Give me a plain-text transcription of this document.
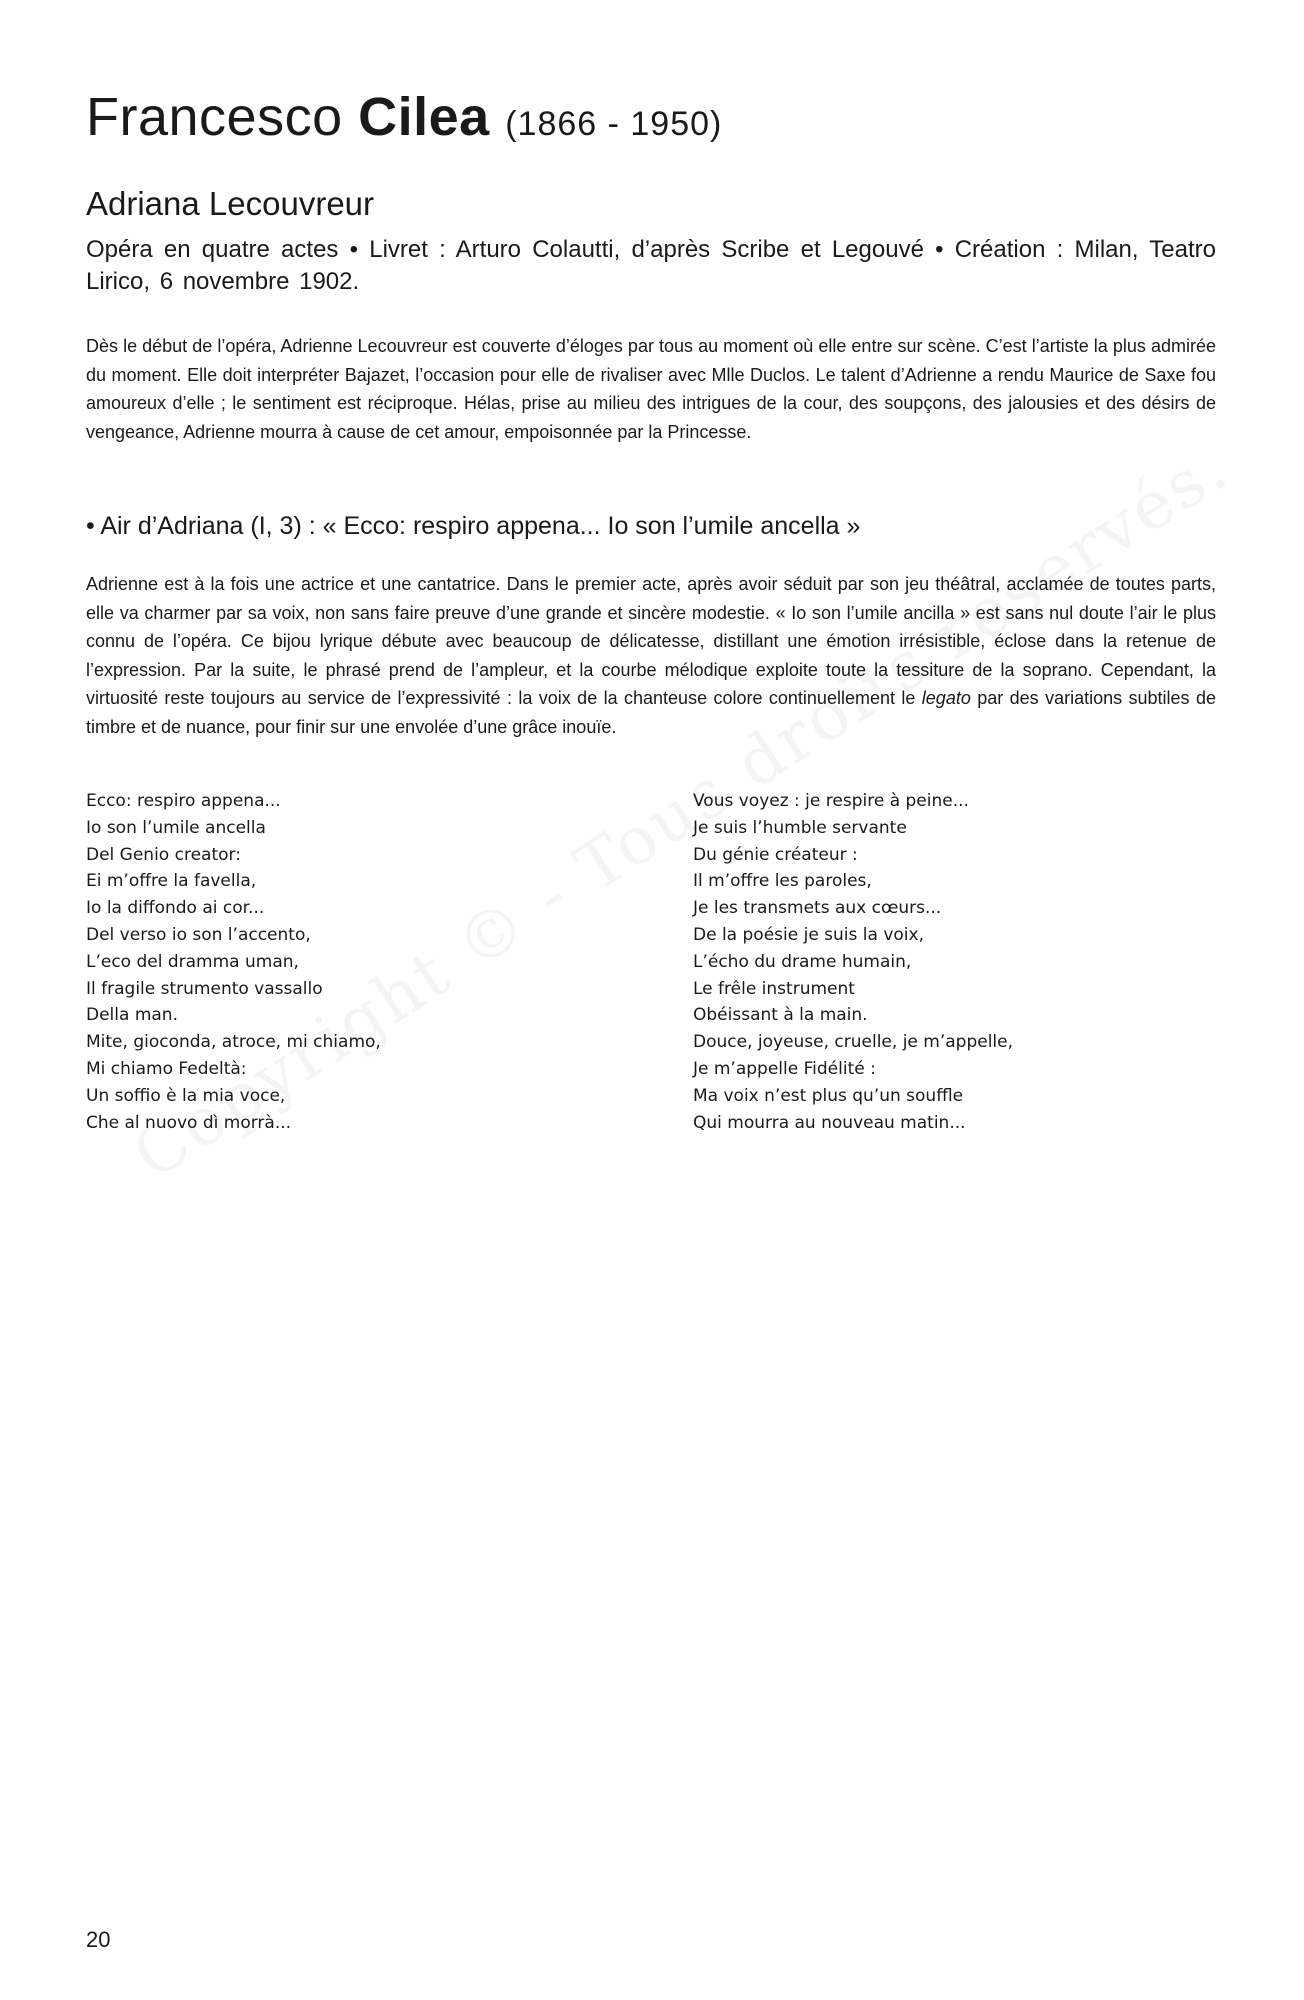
Francesco Cilea (1866 - 1950)
Adriana Lecouvreur

Opéra en quatre actes • Livret : Arturo Colautti, d’après Scribe et Legouvé • Création : Milan, Teatro Lirico, 6 novembre 1902.

Dès le début de l’opéra, Adrienne Lecouvreur est couverte d’éloges par tous au moment où elle entre sur scène. C’est l’artiste la plus admirée du moment. Elle doit interpréter Bajazet, l’occasion pour elle de rivaliser avec Mlle Duclos. Le talent d’Adrienne a rendu Maurice de Saxe fou amoureux d’elle ; le sentiment est réciproque. Hélas, prise au milieu des intrigues de la cour, des soupçons, des jalousies et des désirs de vengeance, Adrienne mourra à cause de cet amour, empoisonnée par la Princesse.

• Air d’Adriana (I, 3) : « Ecco: respiro appena... Io son l’umile ancella »

Adrienne est à la fois une actrice et une cantatrice. Dans le premier acte, après avoir séduit par son jeu théâtral, acclamée de toutes parts, elle va charmer par sa voix, non sans faire preuve d’une grande et sincère modestie. « Io son l’umile ancilla » est sans nul doute l’air le plus connu de l’opéra. Ce bijou lyrique débute avec beaucoup de délicatesse, distillant une émotion irrésistible, éclose dans la retenue de l’expression. Par la suite, le phrasé prend de l’ampleur, et la courbe mélodique exploite toute la tessiture de la soprano. Cependant, la virtuosité reste toujours au service de l’expressivité : la voix de la chanteuse colore continuellement le legato par des variations subtiles de timbre et de nuance, pour finir sur une envolée d’une grâce inouïe.

Ecco: respiro appena...
Io son l’umile ancella
Del Genio creator:
Ei m’offre la favella,
Io la diffondo ai cor...
Del verso io son l’accento,
L’eco del dramma uman,
Il fragile strumento vassallo
Della man.
Mite, gioconda, atroce, mi chiamo,
Mi chiamo Fedeltà:
Un soffio è la mia voce,
Che al nuovo dì morrà...
Vous voyez : je respire à peine...
Je suis l’humble servante
Du génie créateur :
Il m’offre les paroles,
Je les transmets aux cœurs...
De la poésie je suis la voix,
L’écho du drame humain,
Le frêle instrument
Obéissant à la main.
Douce, joyeuse, cruelle, je m’appelle,
Je m’appelle Fidélité :
Ma voix n’est plus qu’un souffle
Qui mourra au nouveau matin...

20
